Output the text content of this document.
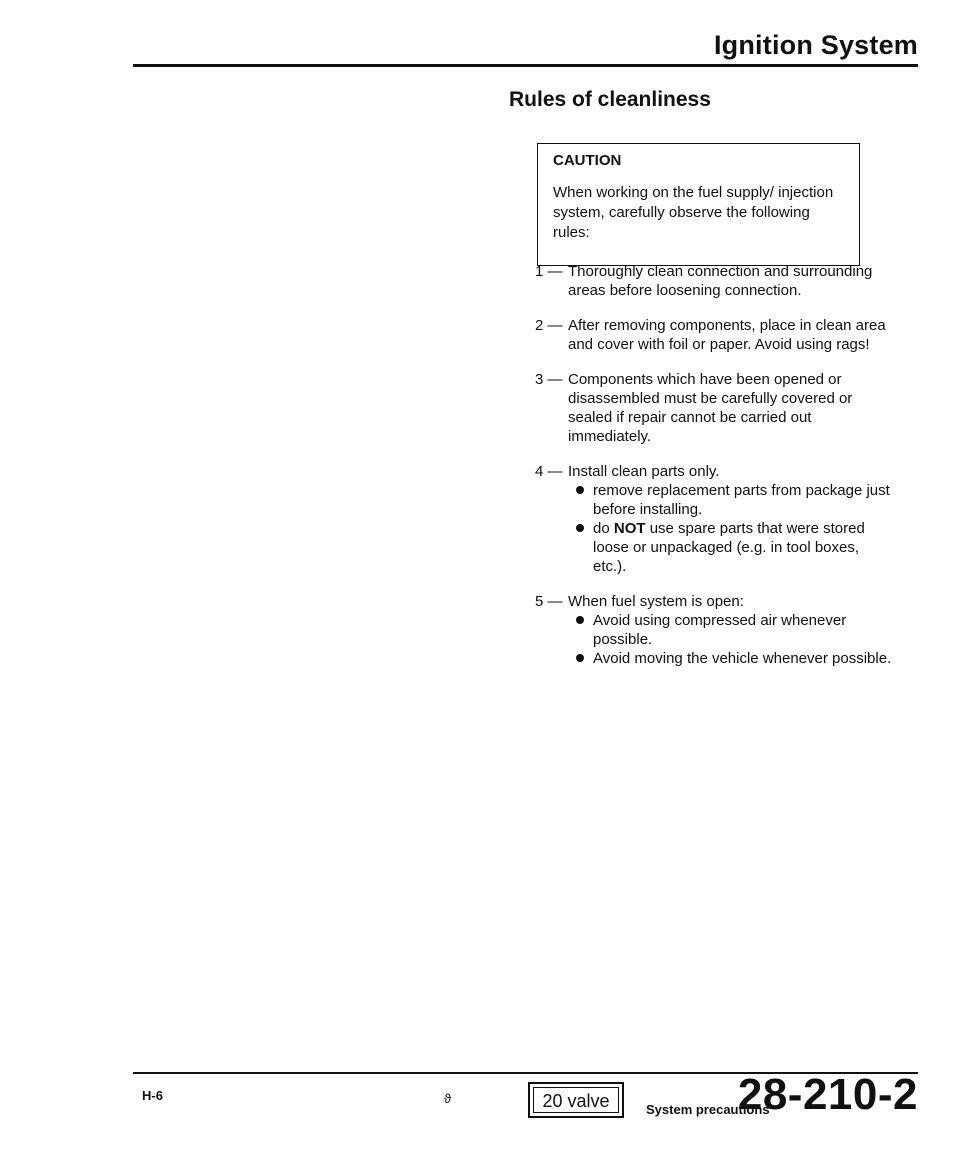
Ignition System
Rules of cleanliness

CAUTION

When working on the fuel supply/ injection system, carefully observe the following rules:

1 — Thoroughly clean connection and surrounding areas before loosening connection.
2 — After removing components, place in clean area and cover with foil or paper. Avoid using rags!
3 — Components which have been opened or disassembled must be carefully covered or sealed if repair cannot be carried out immediately.
4 — Install clean parts only.
remove replacement parts from package just before installing.
do NOT use spare parts that were stored loose or unpackaged (e.g. in tool boxes, etc.).
5 — When fuel system is open:
Avoid using compressed air whenever possible.
Avoid moving the vehicle whenever possible.
H-6	ϑ	20 valve	System precautions
28-210-2
